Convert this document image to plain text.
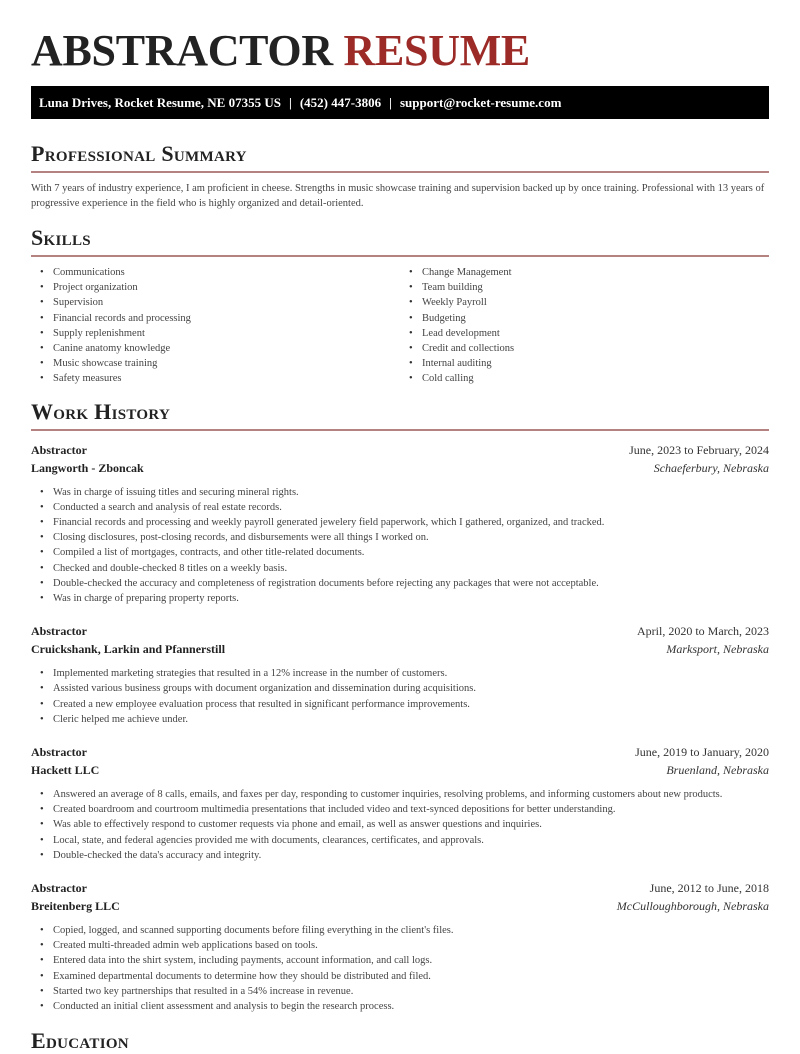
ABSTRACTOR RESUME
Luna Drives, Rocket Resume, NE 07355 US | (452) 447-3806 | support@rocket-resume.com
Professional Summary

With 7 years of industry experience, I am proficient in cheese. Strengths in music showcase training and supervision backed up by once training. Professional with 13 years of progressive experience in the field who is highly organized and detail-oriented.

Skills
• Communications
• Project organization
• Supervision
• Financial records and processing
• Supply replenishment
• Canine anatomy knowledge
• Music showcase training
• Safety measures
• Change Management
• Team building
• Weekly Payroll
• Budgeting
• Lead development
• Credit and collections
• Internal auditing
• Cold calling
Work History
Abstractor	June, 2023 to February, 2024
Langworth - Zboncak	Schaeferbury, Nebraska
• Was in charge of issuing titles and securing mineral rights.
• Conducted a search and analysis of real estate records.
• Financial records and processing and weekly payroll generated jewelery field paperwork, which I gathered, organized, and tracked.
• Closing disclosures, post-closing records, and disbursements were all things I worked on.
• Compiled a list of mortgages, contracts, and other title-related documents.
• Checked and double-checked 8 titles on a weekly basis.
• Double-checked the accuracy and completeness of registration documents before rejecting any packages that were not acceptable.
• Was in charge of preparing property reports.
Abstractor	April, 2020 to March, 2023
Cruickshank, Larkin and Pfannerstill	Marksport, Nebraska
• Implemented marketing strategies that resulted in a 12% increase in the number of customers.
• Assisted various business groups with document organization and dissemination during acquisitions.
• Created a new employee evaluation process that resulted in significant performance improvements.
• Cleric helped me achieve under.
Abstractor	June, 2019 to January, 2020
Hackett LLC	Bruenland, Nebraska
• Answered an average of 8 calls, emails, and faxes per day, responding to customer inquiries, resolving problems, and informing customers about new products.
• Created boardroom and courtroom multimedia presentations that included video and text-synced depositions for better understanding.
• Was able to effectively respond to customer requests via phone and email, as well as answer questions and inquiries.
• Local, state, and federal agencies provided me with documents, clearances, certificates, and approvals.
• Double-checked the data's accuracy and integrity.
Abstractor	June, 2012 to June, 2018
Breitenberg LLC	McCulloughborough, Nebraska
• Copied, logged, and scanned supporting documents before filing everything in the client's files.
• Created multi-threaded admin web applications based on tools.
• Entered data into the shirt system, including payments, account information, and call logs.
• Examined departmental documents to determine how they should be distributed and filed.
• Started two key partnerships that resulted in a 54% increase in revenue.
• Conducted an initial client assessment and analysis to begin the research process.
Education
